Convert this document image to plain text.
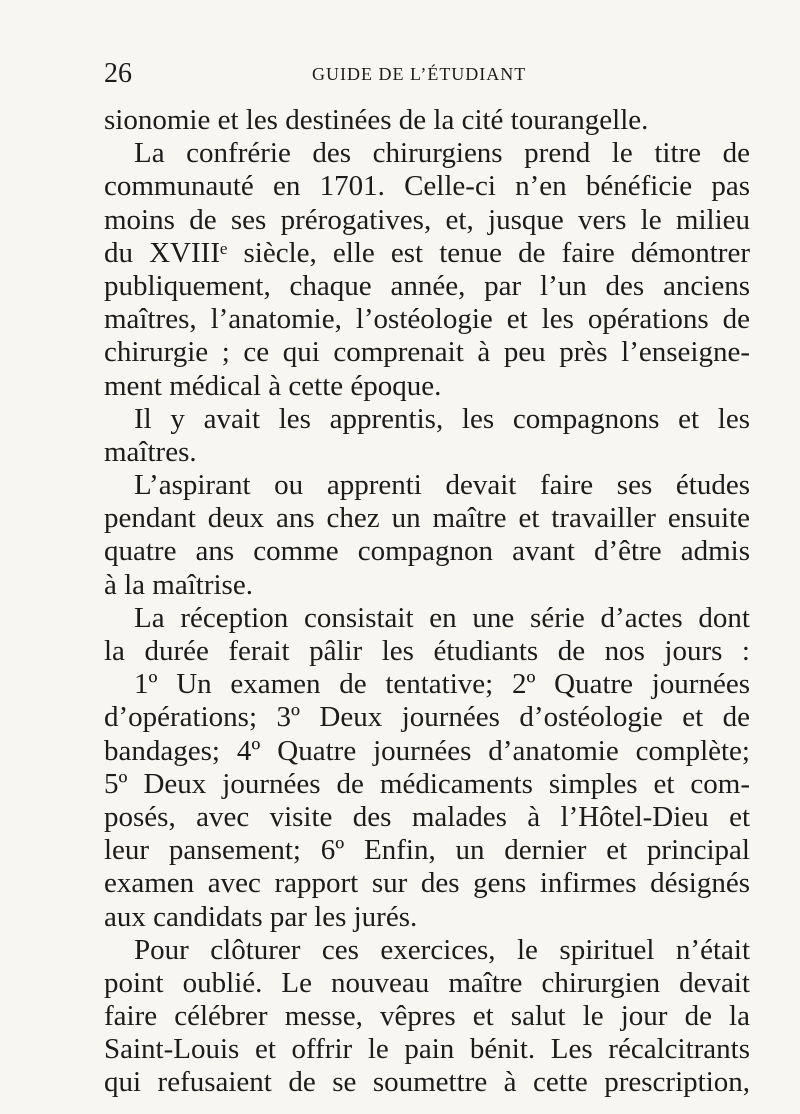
26	GUIDE DE L’ÉTUDIANT
sionomie et les destinées de la cité tourangelle.
La confrérie des chirurgiens prend le titre de
communauté en 1701. Celle-ci n’en bénéficie pas
moins de ses prérogatives, et, jusque vers le milieu
du XVIIIᵉ siècle, elle est tenue de faire démontrer
publiquement, chaque année, par l’un des anciens
maîtres, l’anatomie, l’ostéologie et les opérations de
chirurgie ; ce qui comprenait à peu près l’enseigne-
ment médical à cette époque.
Il y avait les apprentis, les compagnons et les
maîtres.
L’aspirant ou apprenti devait faire ses études
pendant deux ans chez un maître et travailler ensuite
quatre ans comme compagnon avant d’être admis
à la maîtrise.
La réception consistait en une série d’actes dont
la durée ferait pâlir les étudiants de nos jours :
1º Un examen de tentative; 2º Quatre journées
d’opérations; 3º Deux journées d’ostéologie et de
bandages; 4º Quatre journées d’anatomie complète;
5º Deux journées de médicaments simples et com-
posés, avec visite des malades à l’Hôtel-Dieu et
leur pansement; 6º Enfin, un dernier et principal
examen avec rapport sur des gens infirmes désignés
aux candidats par les jurés.
Pour clôturer ces exercices, le spirituel n’était
point oublié. Le nouveau maître chirurgien devait
faire célébrer messe, vêpres et salut le jour de la
Saint-Louis et offrir le pain bénit. Les récalcitrants
qui refusaient de se soumettre à cette prescription,
